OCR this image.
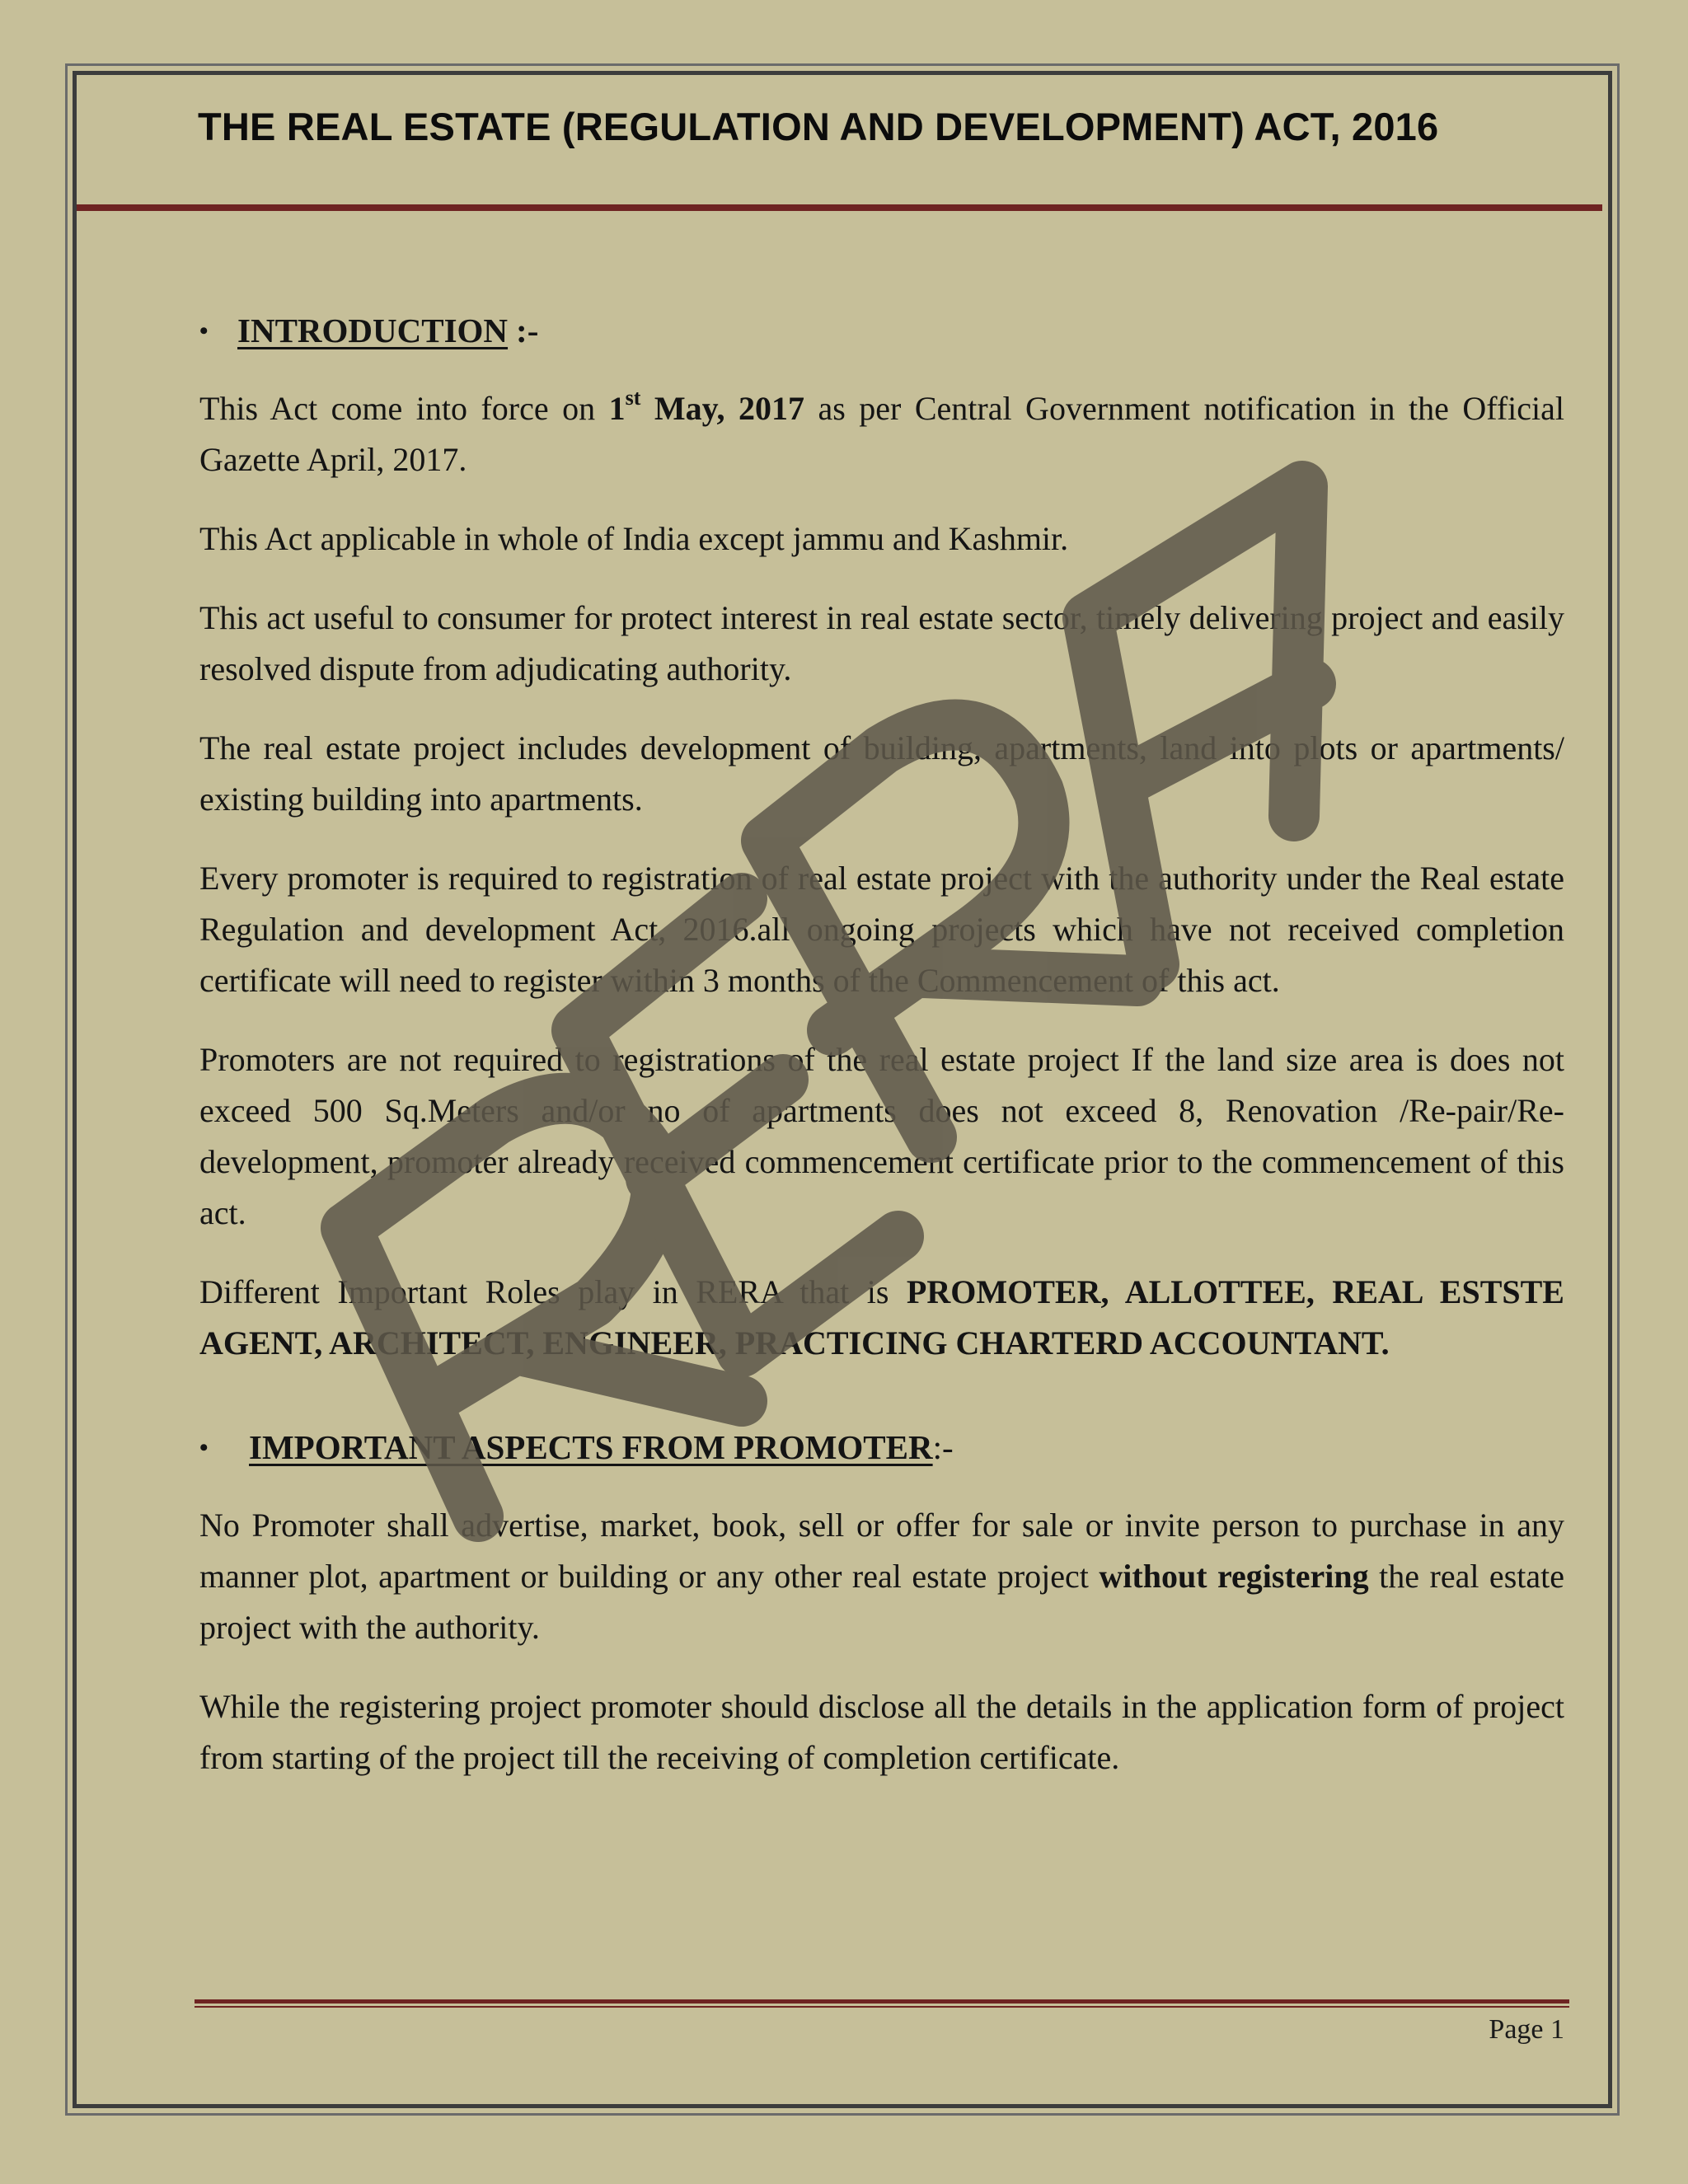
THE REAL ESTATE (REGULATION AND DEVELOPMENT) ACT, 2016
• INTRODUCTION :-

This Act come into force on 1st May, 2017 as per Central Government notification in the Official Gazette April, 2017.

This Act applicable in whole of India except jammu and Kashmir.

This act useful to consumer for protect interest in real estate sector, timely delivering project and easily resolved dispute from adjudicating authority.

The real estate project includes development of building, apartments, land into plots or apartments/ existing building into apartments.

Every promoter is required to registration of real estate project with the authority under the Real estate Regulation and development Act, 2016.all ongoing projects which have not received completion certificate will need to register within 3 months of the Commencement of this act.

Promoters are not required to registrations of the real estate project If the land size area is does not exceed 500 Sq.Meters and/or no of apartments does not exceed 8, Renovation /Re-pair/Re-development, promoter already received commencement certificate prior to the commencement of this act.

Different Important Roles play in RERA that is PROMOTER, ALLOTTEE, REAL ESTSTE AGENT, ARCHITECT, ENGINEER, PRACTICING CHARTERD ACCOUNTANT.

•	IMPORTANT ASPECTS FROM PROMOTER :-

No Promoter shall advertise, market, book, sell or offer for sale or invite person to purchase in any manner plot, apartment or building or any other real estate project without registering the real estate project with the authority.

While the registering project promoter should disclose all the details in the application form of project from starting of the project till the receiving of completion certificate.

Page 1
